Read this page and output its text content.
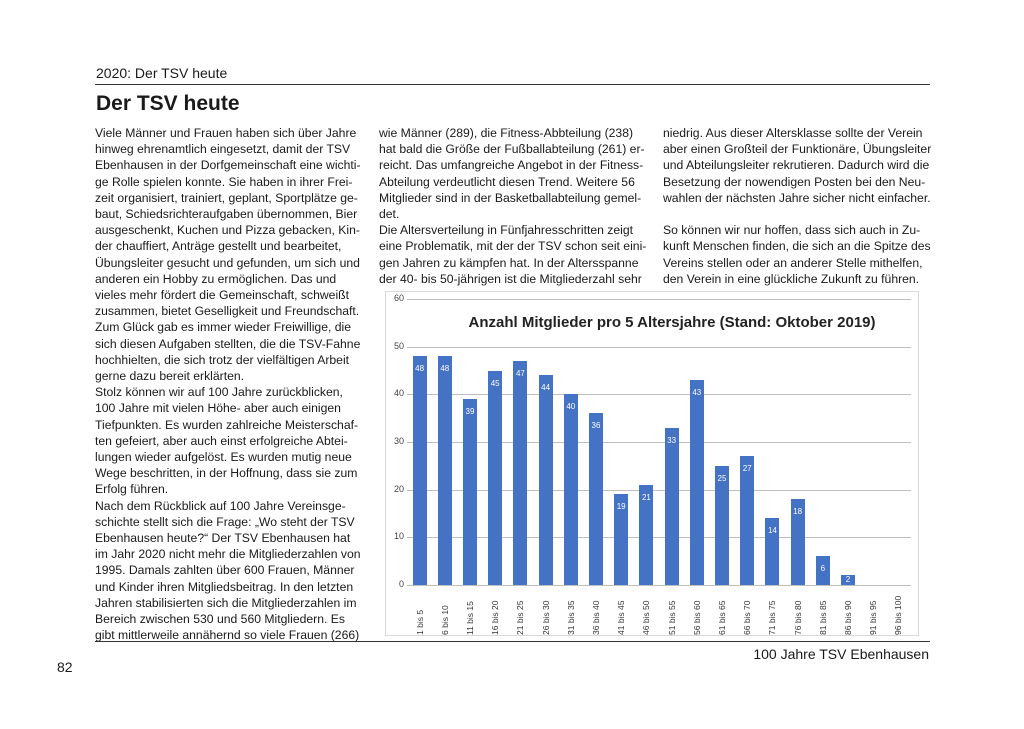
2020: Der TSV heute
Der TSV heute

Viele Männer und Frauen haben sich über Jahre
hinweg ehrenamtlich eingesetzt, damit der TSV
Ebenhausen in der Dorfgemeinschaft eine wichti-
ge Rolle spielen konnte. Sie haben in ihrer Frei-
zeit organisiert, trainiert, geplant, Sportplätze ge-
baut, Schiedsrichteraufgaben übernommen, Bier
ausgeschenkt, Kuchen und Pizza gebacken, Kin-
der chauffiert, Anträge gestellt und bearbeitet,
Übungsleiter gesucht und gefunden, um sich und
anderen ein Hobby zu ermöglichen. Das und
vieles mehr fördert die Gemeinschaft, schweißt
zusammen, bietet Geselligkeit und Freundschaft.
Zum Glück gab es immer wieder Freiwillige, die
sich diesen Aufgaben stellten, die die TSV-Fahne
hochhielten, die sich trotz der vielfältigen Arbeit
gerne dazu bereit erklärten.

Stolz können wir auf 100 Jahre zurückblicken,
100 Jahre mit vielen Höhe- aber auch einigen
Tiefpunkten. Es wurden zahlreiche Meisterschaf-
ten gefeiert, aber auch einst erfolgreiche Abtei-
lungen wieder aufgelöst. Es wurden mutig neue
Wege beschritten, in der Hoffnung, dass sie zum
Erfolg führen.

Nach dem Rückblick auf 100 Jahre Vereinsge-
schichte stellt sich die Frage: „Wo steht der TSV
Ebenhausen heute?“ Der TSV Ebenhausen hat
im Jahr 2020 nicht mehr die Mitgliederzahlen von
1995. Damals zahlten über 600 Frauen, Männer
und Kinder ihren Mitgliedsbeitrag. In den letzten
Jahren stabilisierten sich die Mitgliederzahlen im
Bereich zwischen 530 und 560 Mitgliedern. Es
gibt mittlerweile annähernd so viele Frauen (266)

wie Männer (289), die Fitness-Abbteilung (238)
hat bald die Größe der Fußballabteilung (261) er-
reicht. Das umfangreiche Angebot in der Fitness-
Abteilung verdeutlicht diesen Trend. Weitere 56
Mitglieder sind in der Basketballabteilung gemel-
det.

Die Altersverteilung in Fünfjahresschritten zeigt
eine Problematik, mit der der TSV schon seit eini-
gen Jahren zu kämpfen hat. In der Altersspanne
der 40- bis 50-jährigen ist die Mitgliederzahl sehr

niedrig. Aus dieser Altersklasse sollte der Verein
aber einen Großteil der Funktionäre, Übungsleiter
und Abteilungsleiter rekrutieren. Dadurch wird die
Besetzung der nowendigen Posten bei den Neu-
wahlen der nächsten Jahre sicher nicht einfacher.

So können wir nur hoffen, dass sich auch in Zu-
kunft Menschen finden, die sich an die Spitze des
Vereins stellen oder an anderer Stelle mithelfen,
den Verein in eine glückliche Zukunft zu führen.

Anzahl Mitglieder pro 5 Altersjahre (Stand: Oktober 2019)
0
10
20
30
40
50
60
48
1 bis 5
48
6 bis 10
39
11 bis 15
45
16 bis 20
47
21 bis 25
44
26 bis 30
40
31 bis 35
36
36 bis 40
19
41 bis 45
21
46 bis 50
33
51 bis 55
43
56 bis 60
25
61 bis 65
27
66 bis 70
14
71 bis 75
18
76 bis 80
6
81 bis 85
2
86 bis 90 91 bis 95 96 bis 100
100 Jahre TSV Ebenhausen
82
